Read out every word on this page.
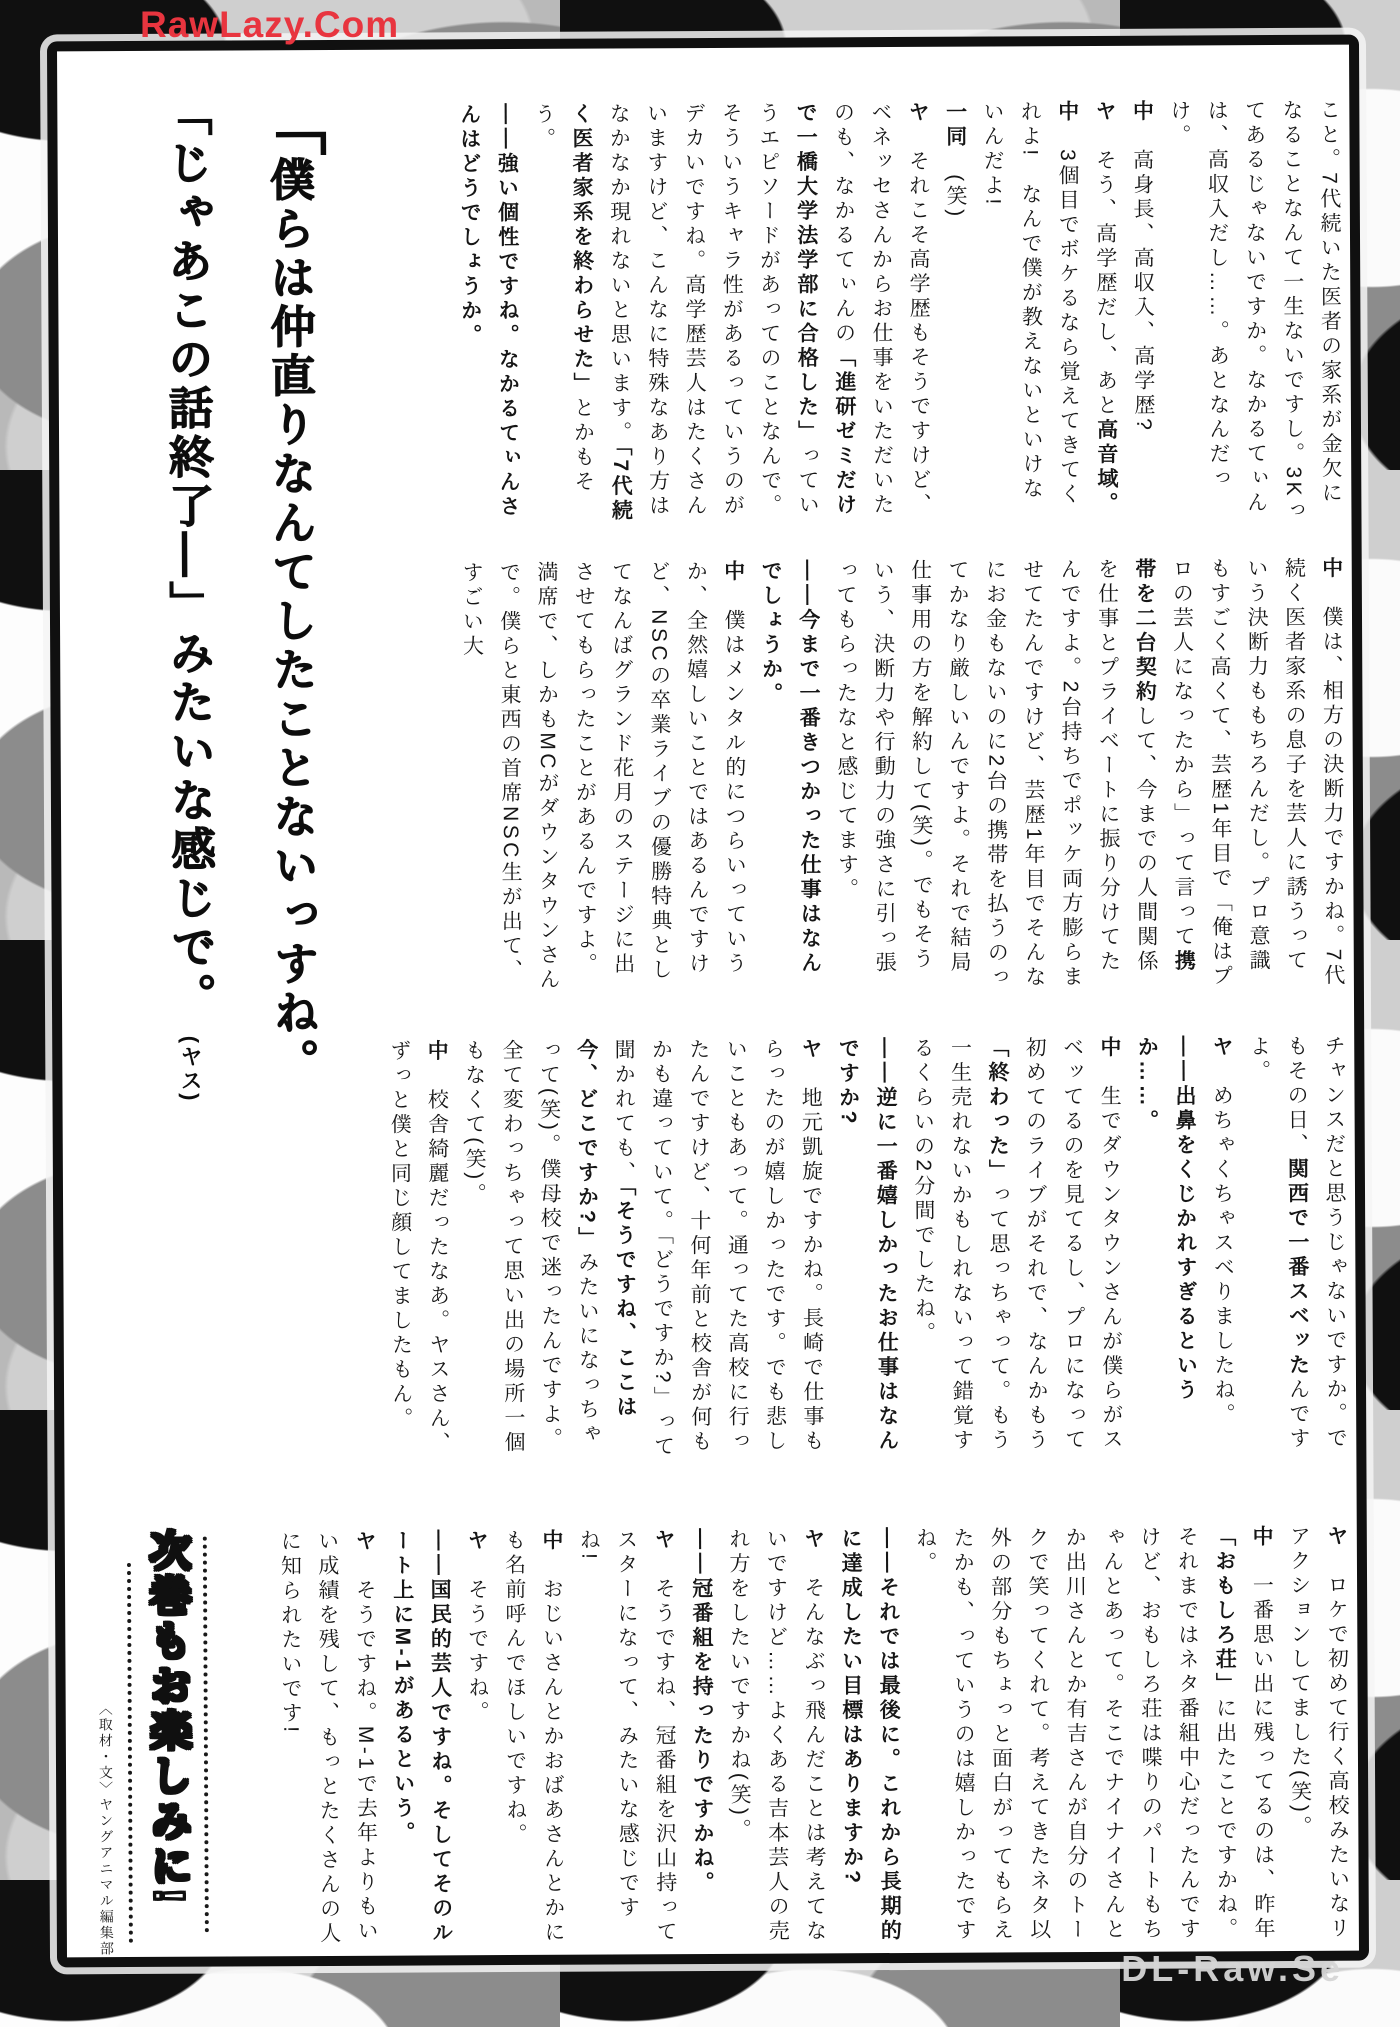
「僕らは仲直りなんてしたことないっすね。
「じゃあこの話終了―」みたいな感じで。(ヤス)

こと。7代続いた医者の家系が金欠になることなんて一生ないですし。3Kってあるじゃないですか。なかるてぃんは、高収入だし……。あとなんだっけ。

中　高身長、高収入、高学歴?

ヤ　そう、高学歴だし、あと高音域。

中　3個目でボケるなら覚えてきてくれよ!　なんで僕が教えないといけないんだよ!

一同　(笑)

ヤ　それこそ高学歴もそうですけど、ベネッセさんからお仕事をいただいたのも、なかるてぃんの「進研ゼミだけで一橋大学法学部に合格した」っていうエピソードがあってのことなんで。そういうキャラ性があるっていうのがデカいですね。高学歴芸人はたくさんいますけど、こんなに特殊なあり方はなかなか現れないと思います。「7代続く医者家系を終わらせた」とかもそう。

――強い個性ですね。なかるてぃんさんはどうでしょうか。

中　僕は、相方の決断力ですかね。7代続く医者家系の息子を芸人に誘うっていう決断力ももちろんだし。プロ意識もすごく高くて、芸歴1年目で「俺はプロの芸人になったから」って言って携帯を二台契約して、今までの人間関係を仕事とプライベートに振り分けてたんですよ。2台持ちでポッケ両方膨らませてたんですけど、芸歴1年目でそんなにお金もないのに2台の携帯を払うのってかなり厳しいんですよ。それで結局仕事用の方を解約して(笑)。でもそういう、決断力や行動力の強さに引っ張ってもらったなと感じてます。

――今まで一番きつかった仕事はなんでしょうか。

中　僕はメンタル的につらいっていうか、全然嬉しいことではあるんですけど、NSCの卒業ライブの優勝特典としてなんばグランド花月のステージに出させてもらったことがあるんですよ。満席で、しかもMCがダウンタウンさんで。僕らと東西の首席NSC生が出て、すごい大

チャンスだと思うじゃないですか。でもその日、関西で一番スベッたんですよ。

ヤ　めちゃくちゃスベりましたね。

――出鼻をくじかれすぎるというか……。

中　生でダウンタウンさんが僕らがスベッてるのを見てるし、プロになって初めてのライブがそれで、なんかもう「終わった」って思っちゃって。もう一生売れないかもしれないって錯覚するくらいの2分間でしたね。

――逆に一番嬉しかったお仕事はなんですか?

ヤ　地元凱旋ですかね。長崎で仕事もらったのが嬉しかったです。でも悲しいこともあって。通ってた高校に行ったんですけど、十何年前と校舎が何もかも違っていて。「どうですか?」って聞かれても、「そうですね、ここは今、どこですか?」みたいになっちゃって(笑)。僕母校で迷ったんですよ。全て変わっちゃって思い出の場所一個もなくて(笑)。

中　校舎綺麗だったなあ。ヤスさん、ずっと僕と同じ顔してましたもん。

ヤ　ロケで初めて行く高校みたいなリアクションしてました(笑)。

中　一番思い出に残ってるのは、昨年「おもしろ荘」に出たことですかね。それまではネタ番組中心だったんですけど、おもしろ荘は喋りのパートもちゃんとあって。そこでナイナイさんとか出川さんとか有吉さんが自分のトークで笑ってくれて。考えてきたネタ以外の部分もちょっと面白がってもらえたかも、っていうのは嬉しかったですね。

――それでは最後に。これから長期的に達成したい目標はありますか?

ヤ　そんなぶっ飛んだことは考えてないですけど……よくある吉本芸人の売れ方をしたいですかね(笑)。

――冠番組を持ったりですかね。

ヤ　そうですね、冠番組を沢山持ってスターになって、みたいな感じですね!

中　おじいさんとかおばあさんとかにも名前呼んでほしいですね。

ヤ　そうですね。

――国民的芸人ですね。そしてそのルート上にM-1があるという。

ヤ　そうですね。M-1で去年よりもいい成績を残して、もっとたくさんの人に知られたいです!

次巻もお楽しみに!
〈取材・文〉ヤングアニマル編集部
RawLazy.Com
DL-Raw.Se
